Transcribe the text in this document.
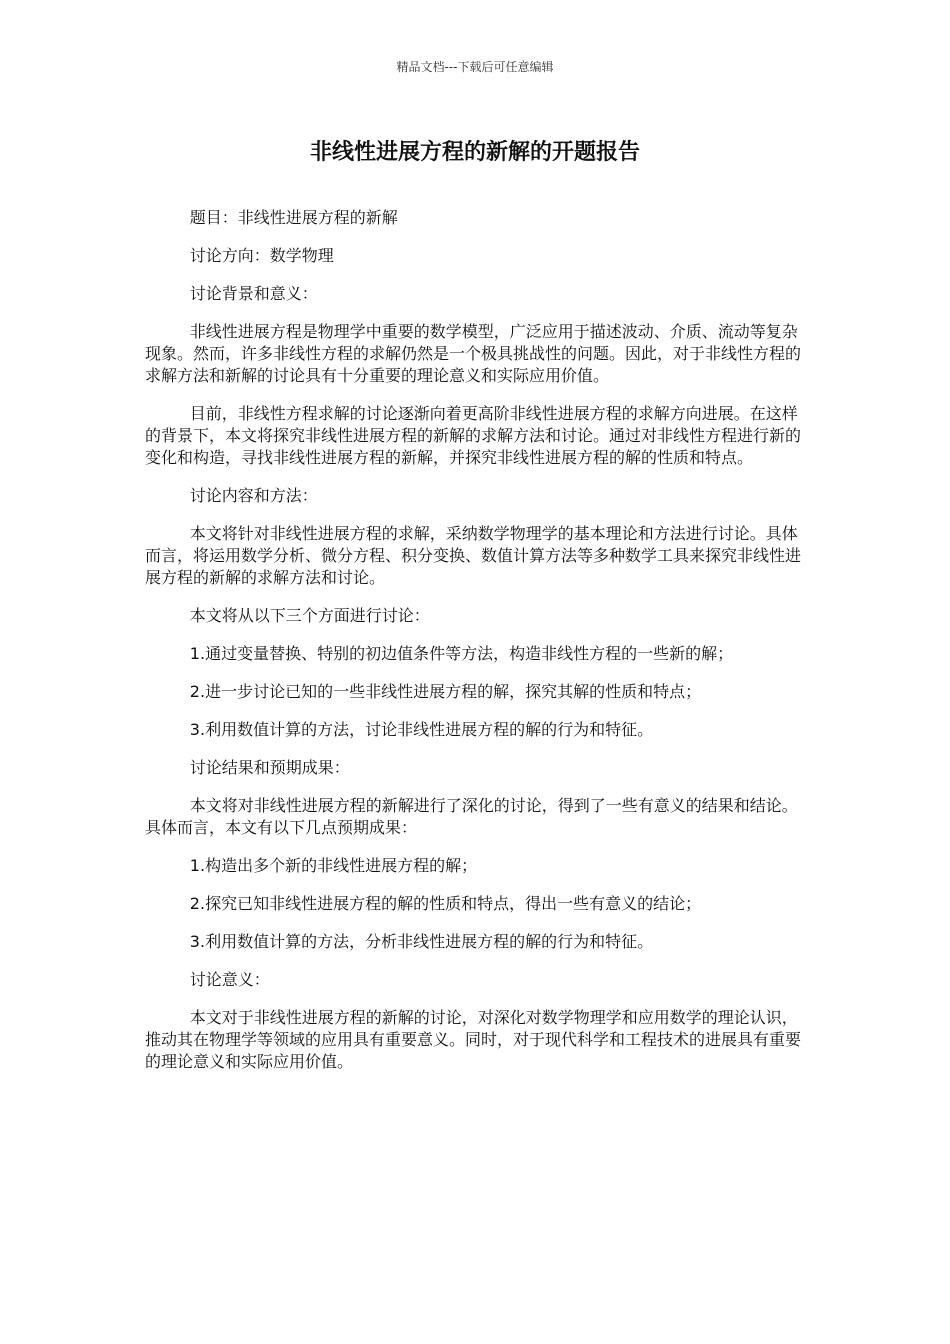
精品文档---下载后可任意编辑
非线性进展方程的新解的开题报告

题目：非线性进展方程的新解

讨论方向：数学物理

讨论背景和意义：

非线性进展方程是物理学中重要的数学模型，广泛应用于描述波动、介质、流动等复杂现象。然而，许多非线性方程的求解仍然是一个极具挑战性的问题。因此，对于非线性方程的求解方法和新解的讨论具有十分重要的理论意义和实际应用价值。

目前，非线性方程求解的讨论逐渐向着更高阶非线性进展方程的求解方向进展。在这样的背景下，本文将探究非线性进展方程的新解的求解方法和讨论。通过对非线性方程进行新的变化和构造，寻找非线性进展方程的新解，并探究非线性进展方程的解的性质和特点。

讨论内容和方法：

本文将针对非线性进展方程的求解，采纳数学物理学的基本理论和方法进行讨论。具体而言，将运用数学分析、微分方程、积分变换、数值计算方法等多种数学工具来探究非线性进展方程的新解的求解方法和讨论。

本文将从以下三个方面进行讨论：

1.通过变量替换、特别的初边值条件等方法，构造非线性方程的一些新的解；

2.进一步讨论已知的一些非线性进展方程的解，探究其解的性质和特点；

3.利用数值计算的方法，讨论非线性进展方程的解的行为和特征。

讨论结果和预期成果：

本文将对非线性进展方程的新解进行了深化的讨论，得到了一些有意义的结果和结论。具体而言，本文有以下几点预期成果：

1.构造出多个新的非线性进展方程的解；

2.探究已知非线性进展方程的解的性质和特点，得出一些有意义的结论；

3.利用数值计算的方法，分析非线性进展方程的解的行为和特征。

讨论意义：

本文对于非线性进展方程的新解的讨论，对深化对数学物理学和应用数学的理论认识，推动其在物理学等领域的应用具有重要意义。同时，对于现代科学和工程技术的进展具有重要的理论意义和实际应用价值。
